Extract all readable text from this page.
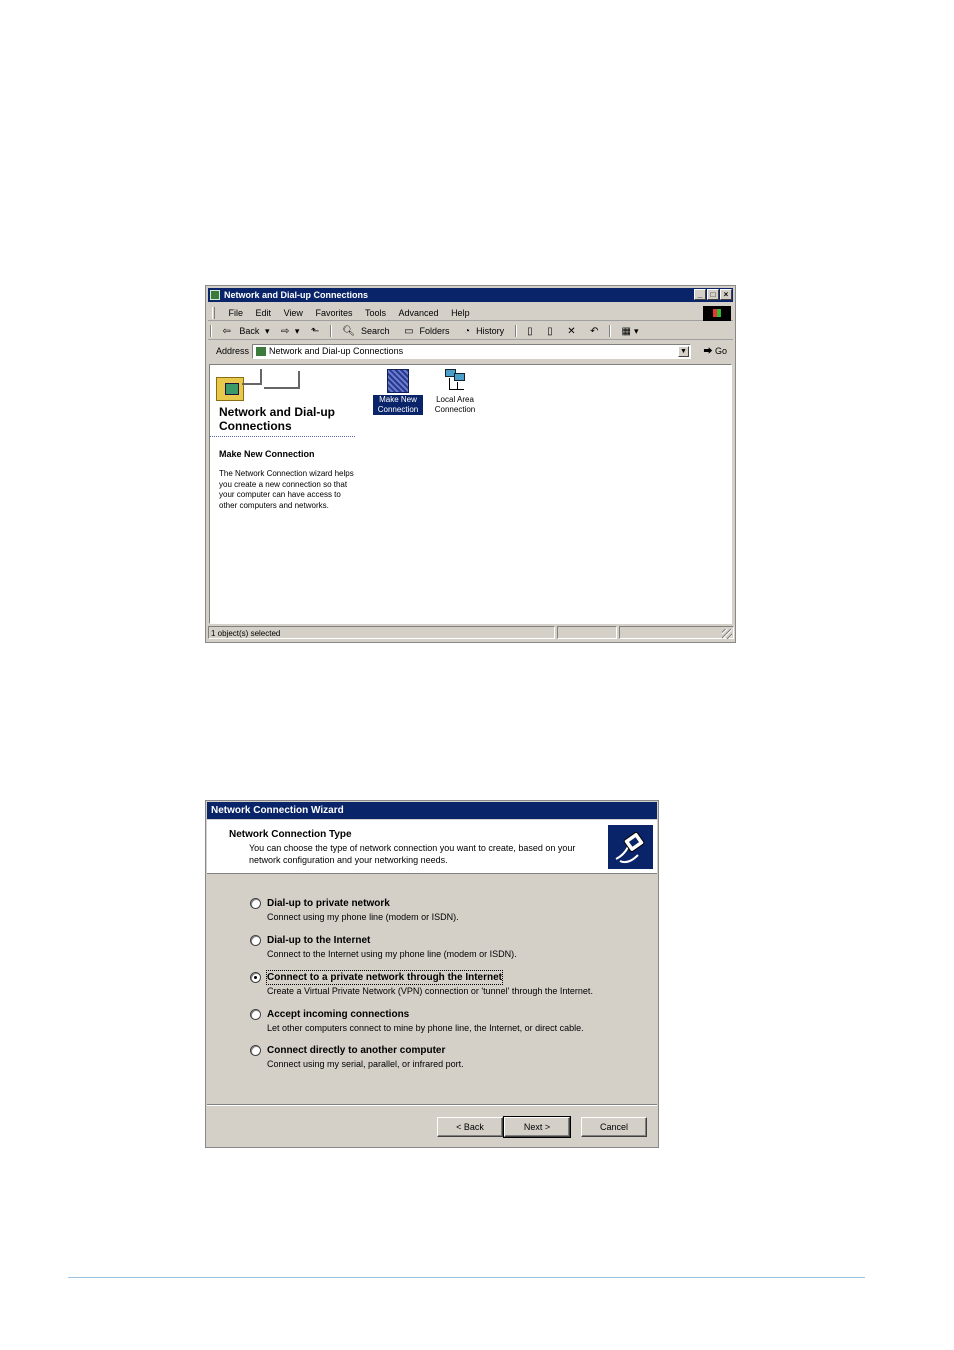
Network and Dial-up Connections	_	□	×
File Edit View Favorites Tools Advanced Help
⇦ Back ▾ ⇨ ▾ ⬑ 🔍︎ Search ▭ Folders ◔ History ▯ ▯ ✕ ↶ ▦ ▾
Address	Network and Dial-up Connections	▼ ⮕ Go
Network and Dial-up Connections
Make New Connection
The Network Connection wizard helps you create a new connection so that your computer can have access to other computers and networks.
Make New Connection
Local Area Connection
1 object(s) selected
Network Connection Wizard
Network Connection Type
You can choose the type of network connection you want to create, based on your network configuration and your networking needs.
Dial-up to private network
Connect using my phone line (modem or ISDN).
Dial-up to the Internet
Connect to the Internet using my phone line (modem or ISDN).
Connect to a private network through the Internet
Create a Virtual Private Network (VPN) connection or 'tunnel' through the Internet.
Accept incoming connections
Let other computers connect to mine by phone line, the Internet, or direct cable.
Connect directly to another computer
Connect using my serial, parallel, or infrared port.
< Back	Next >	Cancel
